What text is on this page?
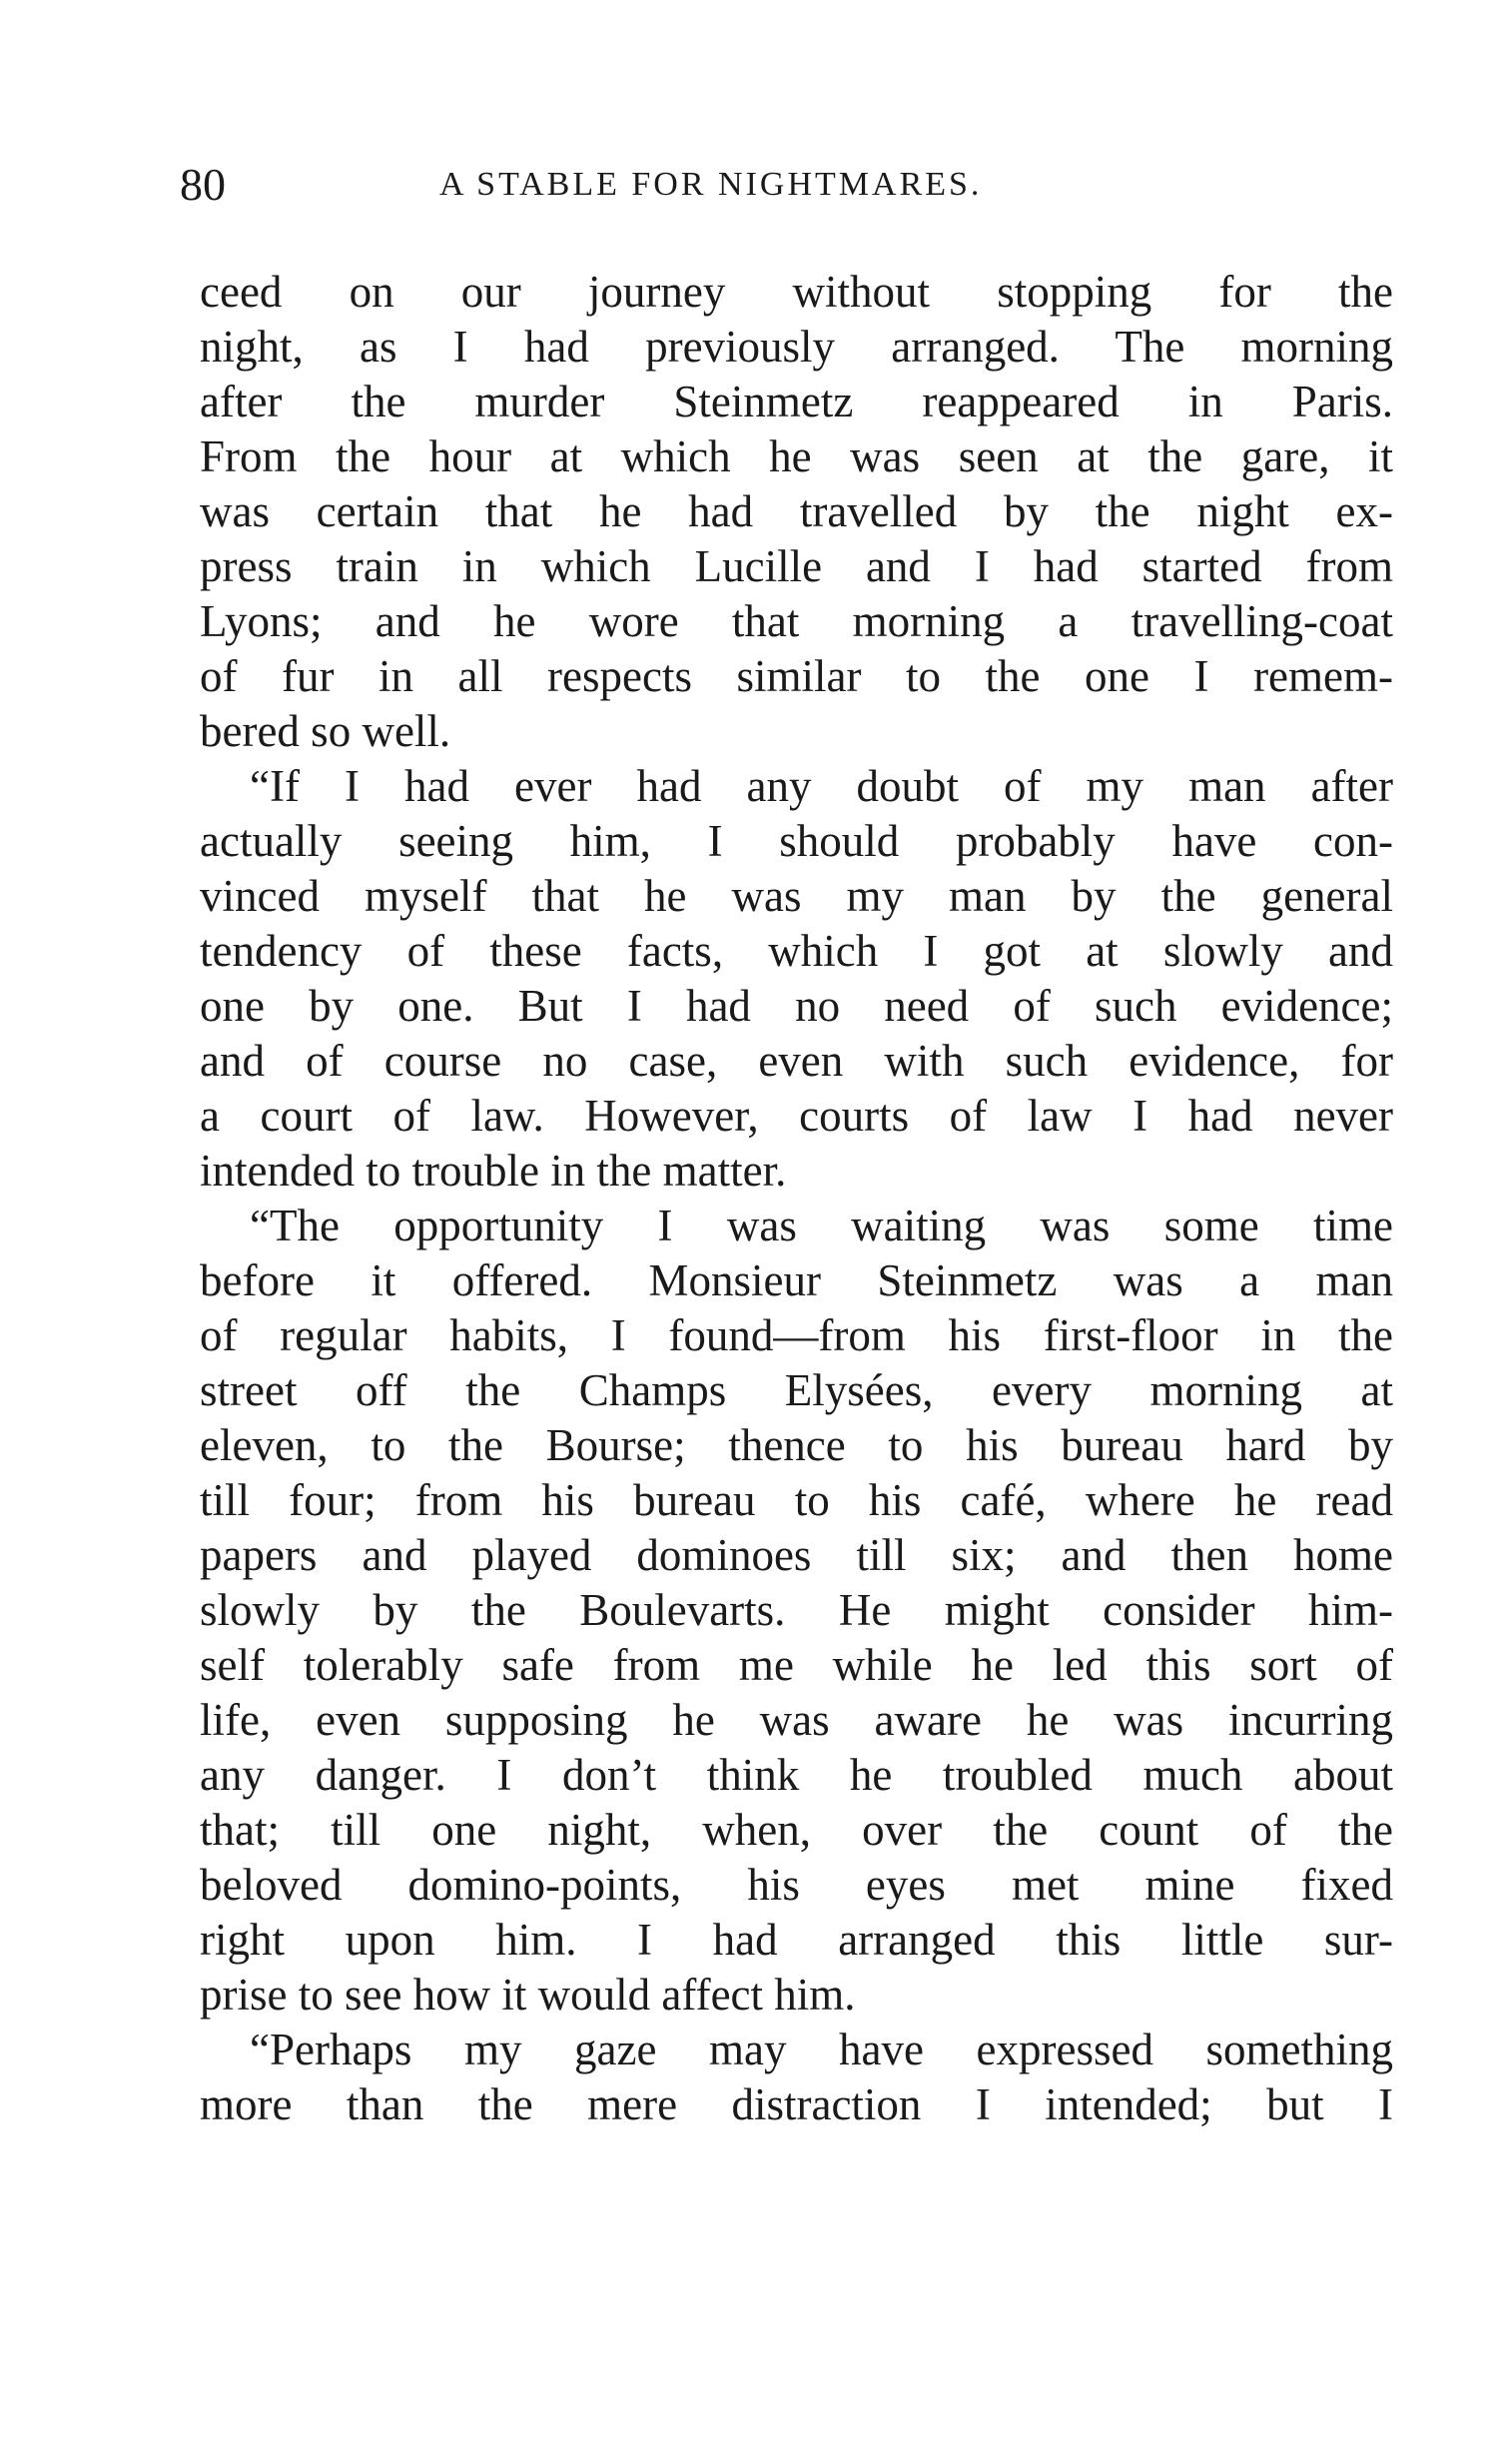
80	A STABLE FOR NIGHTMARES.
ceed on our journey without stopping for the
night, as I had previously arranged. The morning
after the murder Steinmetz reappeared in Paris.
From the hour at which he was seen at the gare, it
was certain that he had travelled by the night ex-
press train in which Lucille and I had started from
Lyons; and he wore that morning a travelling-coat
of fur in all respects similar to the one I remem-
bered so well.
“If I had ever had any doubt of my man after
actually seeing him, I should probably have con-
vinced myself that he was my man by the general
tendency of these facts, which I got at slowly and
one by one. But I had no need of such evidence;
and of course no case, even with such evidence, for
a court of law. However, courts of law I had never
intended to trouble in the matter.
“The opportunity I was waiting was some time
before it offered. Monsieur Steinmetz was a man
of regular habits, I found—from his first-floor in the
street off the Champs Elysées, every morning at
eleven, to the Bourse; thence to his bureau hard by
till four; from his bureau to his café, where he read
papers and played dominoes till six; and then home
slowly by the Boulevarts. He might consider him-
self tolerably safe from me while he led this sort of
life, even supposing he was aware he was incurring
any danger. I don’t think he troubled much about
that; till one night, when, over the count of the
beloved domino-points, his eyes met mine fixed
right upon him. I had arranged this little sur-
prise to see how it would affect him.
“Perhaps my gaze may have expressed something
more than the mere distraction I intended; but I
